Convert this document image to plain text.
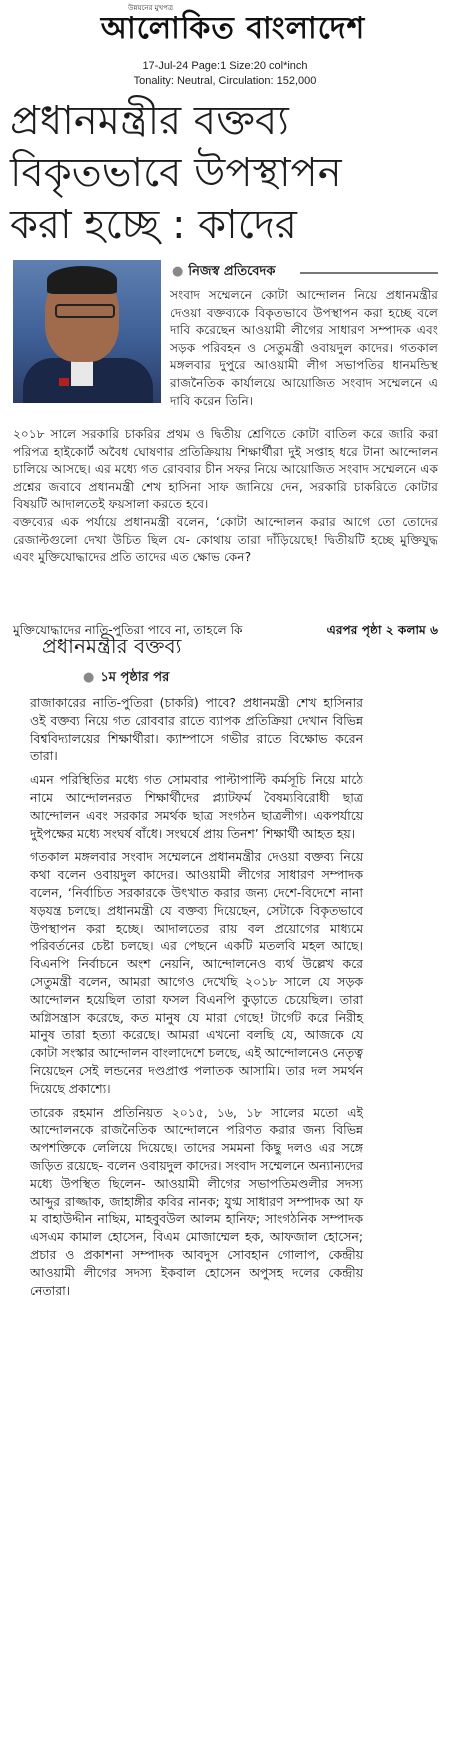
উন্নয়নের মুখপত্র
আলোকিত বাংলাদেশ
17-Jul-24 Page:1 Size:20 col*inch
Tonality: Neutral, Circulation: 152,000
প্রধানমন্ত্রীর বক্তব্য
বিকৃতভাবে উপস্থাপন
করা হচ্ছে : কাদের
● নিজস্ব প্রতিবেদক
সংবাদ সম্মেলনে কোটা আন্দোলন নিয়ে প্রধানমন্ত্রীর দেওয়া বক্তব্যকে বিকৃতভাবে উপস্থাপন করা হচ্ছে বলে দাবি করেছেন আওয়ামী লীগের সাধারণ সম্পাদক এবং সড়ক পরিবহন ও সেতুমন্ত্রী ওবায়দুল কাদের। গতকাল মঙ্গলবার দুপুরে আওয়ামী লীগ সভাপতির ধানমন্ডিস্থ রাজনৈতিক কার্যালয়ে আয়োজিত সংবাদ সম্মেলনে এ দাবি করেন তিনি।
২০১৮ সালে সরকারি চাকরির প্রথম ও দ্বিতীয় শ্রেণিতে কোটা বাতিল করে জারি করা পরিপত্র হাইকোর্ট অবৈধ ঘোষণার প্রতিক্রিয়ায় শিক্ষার্থীরা দুই সপ্তাহ ধরে টানা আন্দোলন চালিয়ে আসছে। এর মধ্যে গত রোববার চীন সফর নিয়ে আয়োজিত সংবাদ সম্মেলনে এক প্রশ্নের জবাবে প্রধানমন্ত্রী শেখ হাসিনা সাফ জানিয়ে দেন, সরকারি চাকরিতে কোটার বিষয়টি আদালতেই ফয়সালা করতে হবে।
বক্তব্যের এক পর্যায়ে প্রধানমন্ত্রী বলেন, ‘কোটা আন্দোলন করার আগে তো তোদের রেজাল্টগুলো দেখা উচিত ছিল যে- কোথায় তারা দাঁড়িয়েছে! দ্বিতীয়টি হচ্ছে মুক্তিযুদ্ধ এবং মুক্তিযোদ্ধাদের প্রতি তাদের এত ক্ষোভ কেন?
মুক্তিযোদ্ধাদের নাতি-পুতিরা পাবে না, তাহলে কি	এরপর পৃষ্ঠা ২ কলাম ৬
প্রধানমন্ত্রীর বক্তব্য
● ১ম পৃষ্ঠার পর

রাজাকারের নাতি-পুতিরা (চাকরি) পাবে? প্রধানমন্ত্রী শেখ হাসিনার ওই বক্তব্য নিয়ে গত রোববার রাতে ব্যাপক প্রতিক্রিয়া দেখান বিভিন্ন বিশ্ববিদ্যালয়ের শিক্ষার্থীরা। ক্যাম্পাসে গভীর রাতে বিক্ষোভ করেন তারা।

এমন পরিস্থিতির মধ্যে গত সোমবার পাল্টাপাল্টি কর্মসূচি নিয়ে মাঠে নামে আন্দোলনরত শিক্ষার্থীদের প্ল্যাটফর্ম বৈষম্যবিরোধী ছাত্র আন্দোলন এবং সরকার সমর্থক ছাত্র সংগঠন ছাত্রলীগ। একপর্যায়ে দুইপক্ষের মধ্যে সংঘর্ষ বাঁধে। সংঘর্ষে প্রায় তিনশ’ শিক্ষার্থী আহত হয়।

গতকাল মঙ্গলবার সংবাদ সম্মেলনে প্রধানমন্ত্রীর দেওয়া বক্তব্য নিয়ে কথা বলেন ওবায়দুল কাদের। আওয়ামী লীগের সাধারণ সম্পাদক বলেন, ‘নির্বাচিত সরকারকে উৎখাত করার জন্য দেশে-বিদেশে নানা ষড়যন্ত্র চলছে। প্রধানমন্ত্রী যে বক্তব্য দিয়েছেন, সেটাকে বিকৃতভাবে উপস্থাপন করা হচ্ছে। আদালতের রায় বল প্রয়োগের মাধ্যমে পরিবর্তনের চেষ্টা চলছে। এর পেছনে একটি মতলবি মহল আছে। বিএনপি নির্বাচনে অংশ নেয়নি, আন্দোলনেও ব্যর্থ উল্লেখ করে সেতুমন্ত্রী বলেন, আমরা আগেও দেখেছি ২০১৮ সালে যে সড়ক আন্দোলন হয়েছিল তারা ফসল বিএনপি কুড়াতে চেয়েছিল। তারা অগ্নিসন্ত্রাস করেছে, কত মানুষ যে মারা গেছে! টার্গেট করে নিরীহ মানুষ তারা হত্যা করেছে। আমরা এখনো বলছি যে, আজকে যে কোটা সংস্কার আন্দোলন বাংলাদেশে চলছে, এই আন্দোলনেও নেতৃত্ব নিয়েছেন সেই লন্ডনের দণ্ডপ্রাপ্ত পলাতক আসামি। তার দল সমর্থন দিয়েছে প্রকাশ্যে।

তারেক রহমান প্রতিনিয়ত ২০১৫, ১৬, ১৮ সালের মতো এই আন্দোলনকে রাজনৈতিক আন্দোলনে পরিণত করার জন্য বিভিন্ন অপশক্তিকে লেলিয়ে দিয়েছে। তাদের সমমনা কিছু দলও এর সঙ্গে জড়িত রয়েছে- বলেন ওবায়দুল কাদের। সংবাদ সম্মেলনে অন্যান্যদের মধ্যে উপস্থিত ছিলেন- আওয়ামী লীগের সভাপতিমণ্ডলীর সদস্য আব্দুর রাজ্জাক, জাহাঙ্গীর কবির নানক; যুগ্ম সাধারণ সম্পাদক আ ফ ম বাহাউদ্দীন নাছিম, মাহবুবউল আলম হানিফ; সাংগঠনিক সম্পাদক এসএম কামাল হোসেন, বিএম মোজাম্মেল হক, আফজাল হোসেন; প্রচার ও প্রকাশনা সম্পাদক আবদুস সোবহান গোলাপ, কেন্দ্রীয় আওয়ামী লীগের সদস্য ইকবাল হোসেন অপুসহ দলের কেন্দ্রীয় নেতারা।
